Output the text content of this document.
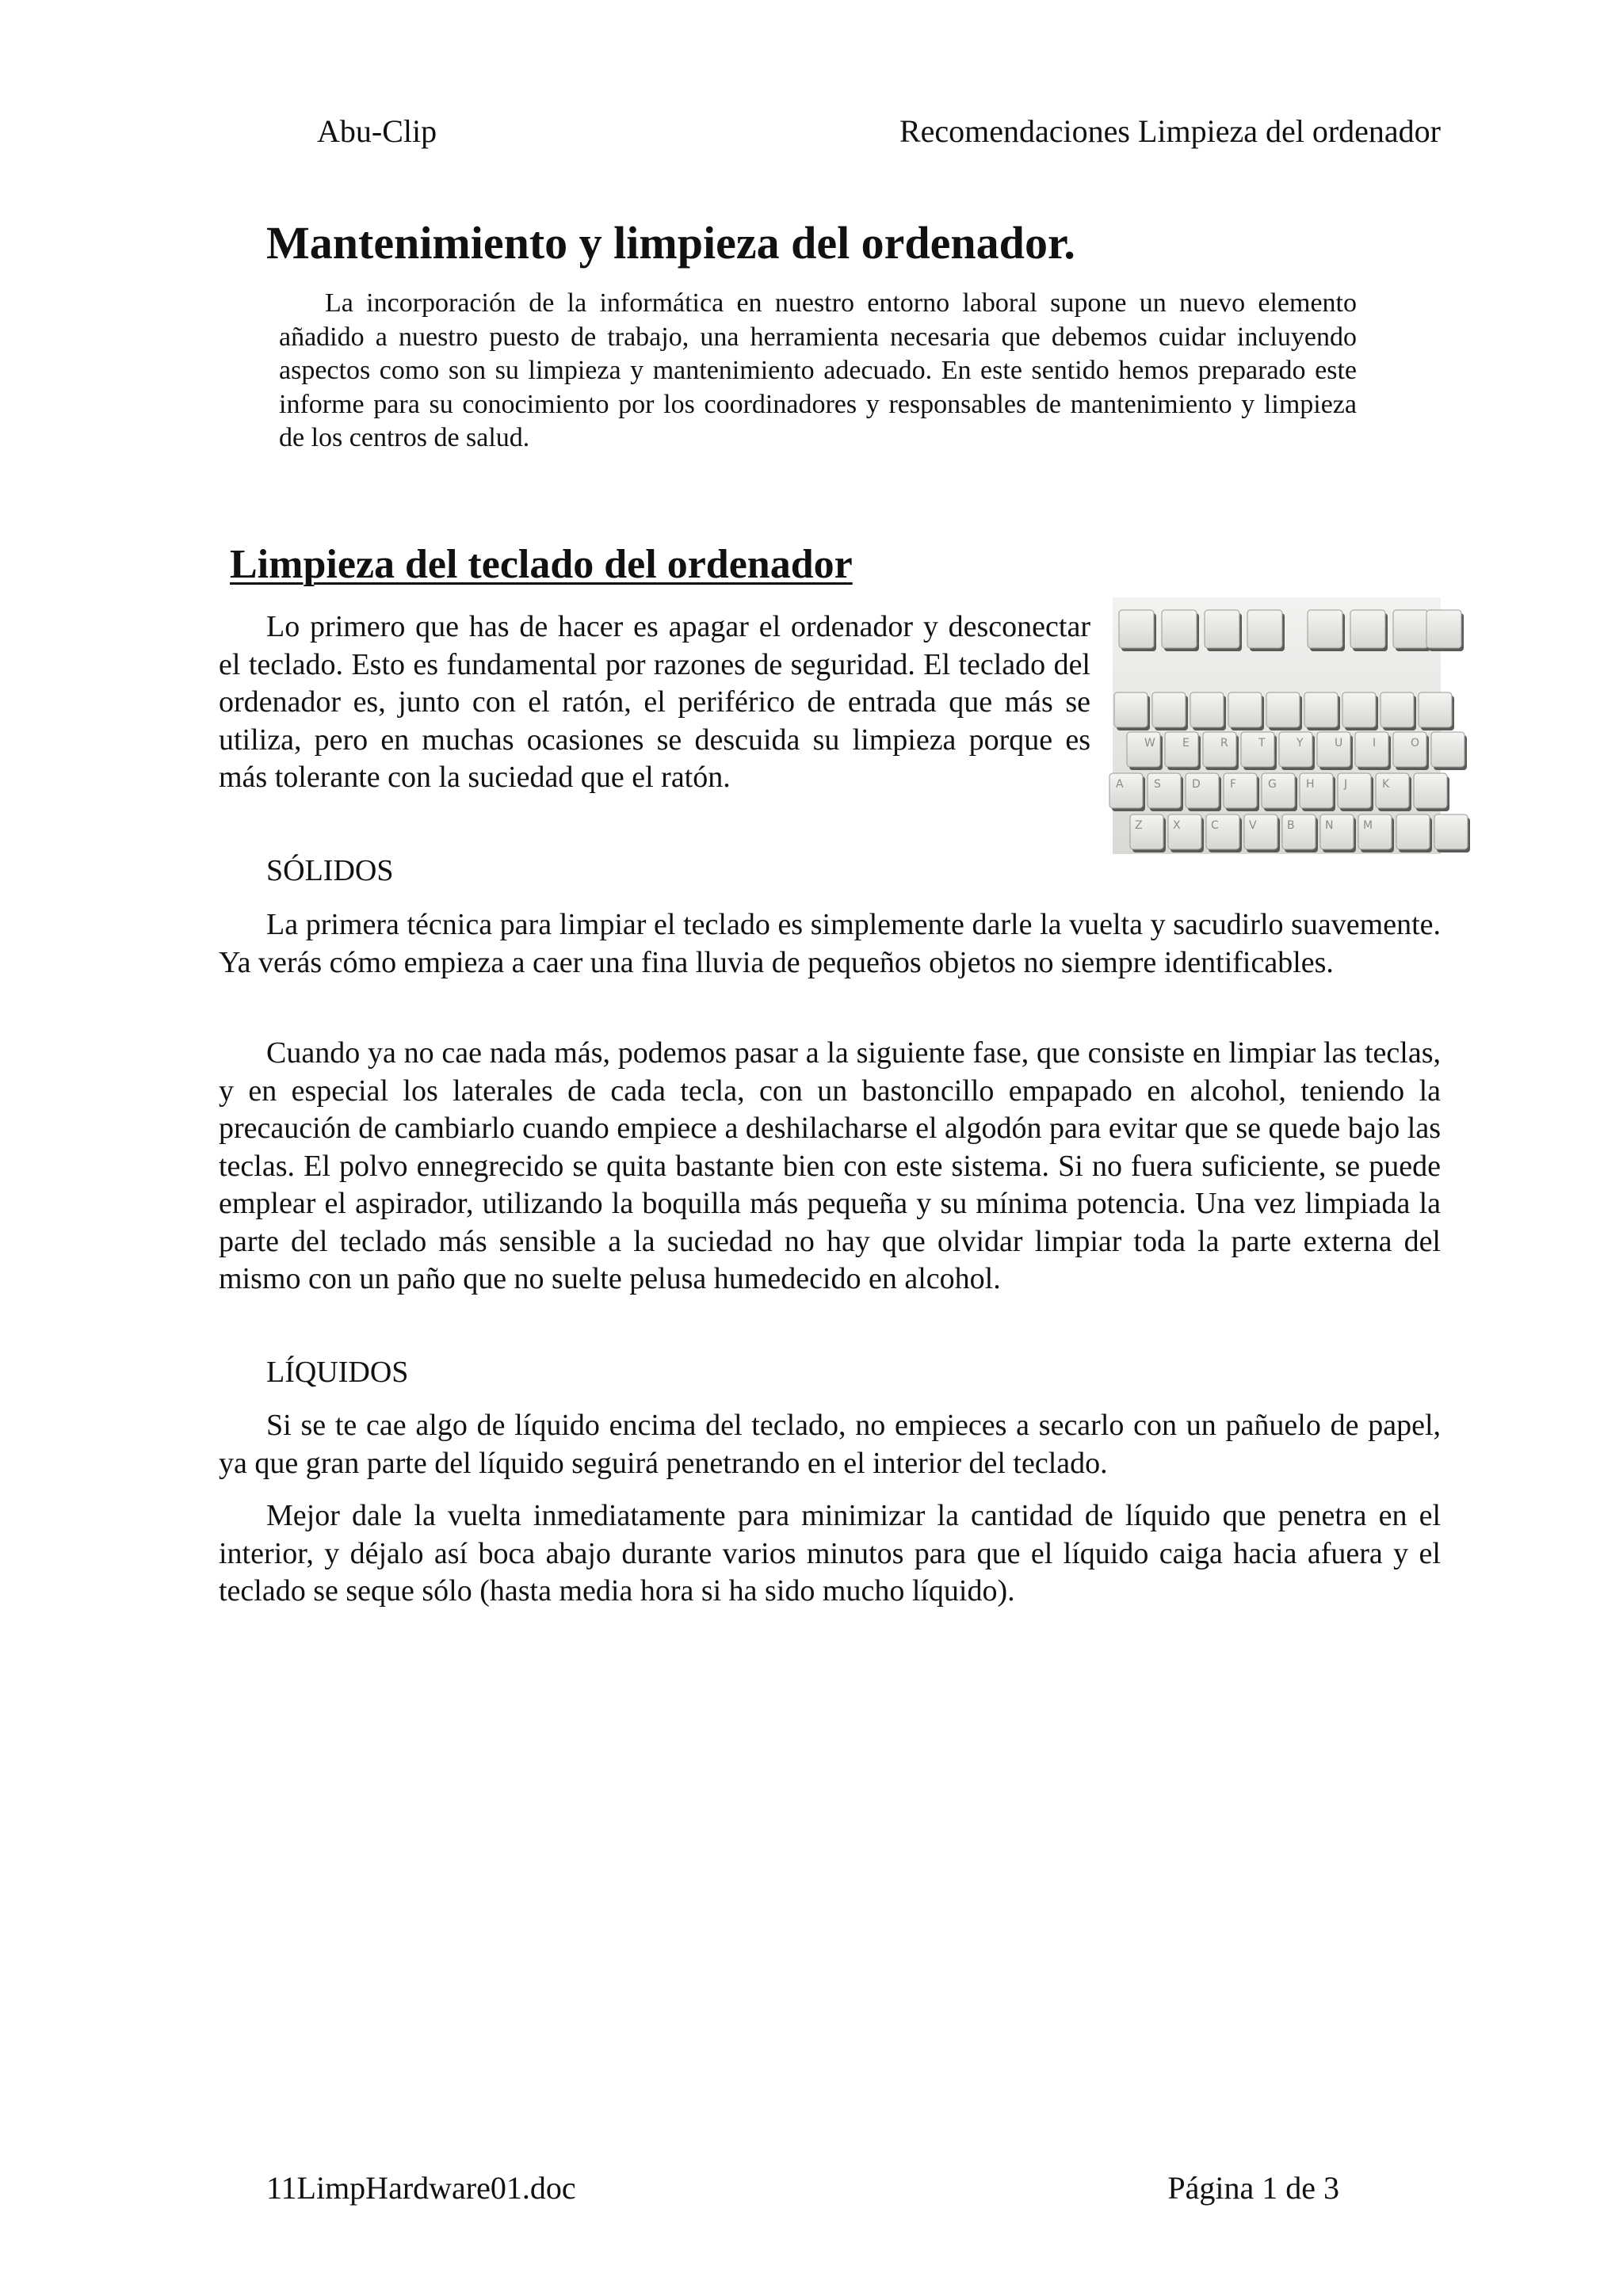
Abu-Clip	Recomendaciones Limpieza del ordenador
Mantenimiento y limpieza del ordenador.

La incorporación de la informática en nuestro entorno laboral supone un nuevo elemento añadido a nuestro puesto de trabajo, una herramienta necesaria que debemos cuidar incluyendo aspectos como son su limpieza y mantenimiento adecuado. En este sentido hemos preparado este informe para su conocimiento por los coordinadores y responsables de mantenimiento y limpieza de los centros de salud.

Limpieza del teclado del ordenador

Lo primero que has de hacer es apagar el ordenador y desconectar el teclado. Esto es fundamental por razones de seguridad. El teclado del ordenador es, junto con el ratón, el periférico de entrada que más se utiliza, pero en muchas ocasiones se descuida su limpieza porque es más tolerante con la suciedad que el ratón.

W E	R	T	Y	U	I	O
A	S	D	F	G	H	J	K
Z	X	C	V	B	N	M

SÓLIDOS

La primera técnica para limpiar el teclado es simplemente darle la vuelta y sacudirlo suavemente. Ya verás cómo empieza a caer una fina lluvia de pequeños objetos no siempre identificables.

Cuando ya no cae nada más, podemos pasar a la siguiente fase, que consiste en limpiar las teclas, y en especial los laterales de cada tecla, con un bastoncillo empapado en alcohol, teniendo la precaución de cambiarlo cuando empiece a deshilacharse el algodón para evitar que se quede bajo las teclas. El polvo ennegrecido se quita bastante bien con este sistema. Si no fuera suficiente, se puede emplear el aspirador, utilizando la boquilla más pequeña y su mínima potencia. Una vez limpiada la parte del teclado más sensible a la suciedad no hay que olvidar limpiar toda la parte externa del mismo con un paño que no suelte pelusa humedecido en alcohol.

LÍQUIDOS

Si se te cae algo de líquido encima del teclado, no empieces a secarlo con un pañuelo de papel, ya que gran parte del líquido seguirá penetrando en el interior del teclado.

Mejor dale la vuelta inmediatamente para minimizar la cantidad de líquido que penetra en el interior, y déjalo así boca abajo durante varios minutos para que el líquido caiga hacia afuera y el teclado se seque sólo (hasta media hora si ha sido mucho líquido).

11LimpHardware01.doc	Página 1 de 3
